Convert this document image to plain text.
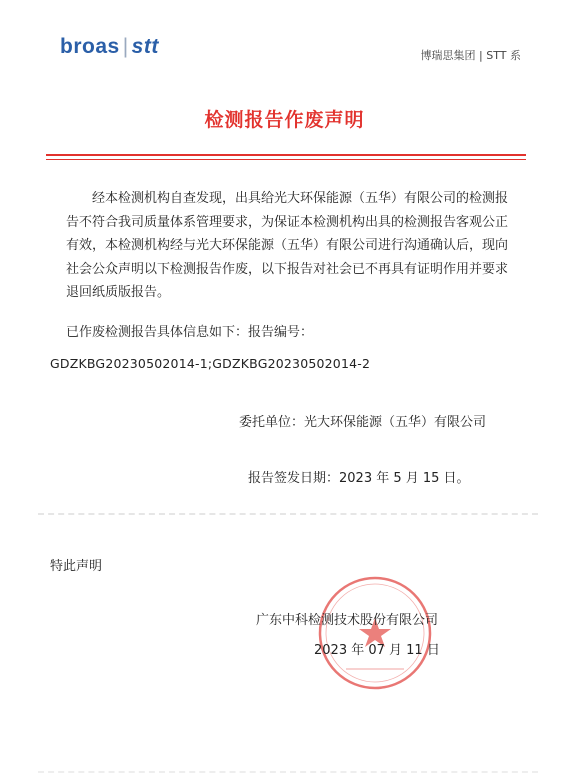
broas | stt	博瑞思集团 | STT 系
检测报告作废声明
经本检测机构自查发现，出具给光大环保能源（五华）有限公司的检测报告不符合我司质量体系管理要求，为保证本检测机构出具的检测报告客观公正有效，本检测机构经与光大环保能源（五华）有限公司进行沟通确认后，现向社会公众声明以下检测报告作废，以下报告对社会已不再具有证明作用并要求退回纸质版报告。
已作废检测报告具体信息如下：报告编号：
GDZKBG20230502014-1;GDZKBG20230502014-2
委托单位：光大环保能源（五华）有限公司
报告签发日期：2023 年 5 月 15 日。
特此声明
广东中科检测技术股份有限公司
2023 年 07 月 11 日
